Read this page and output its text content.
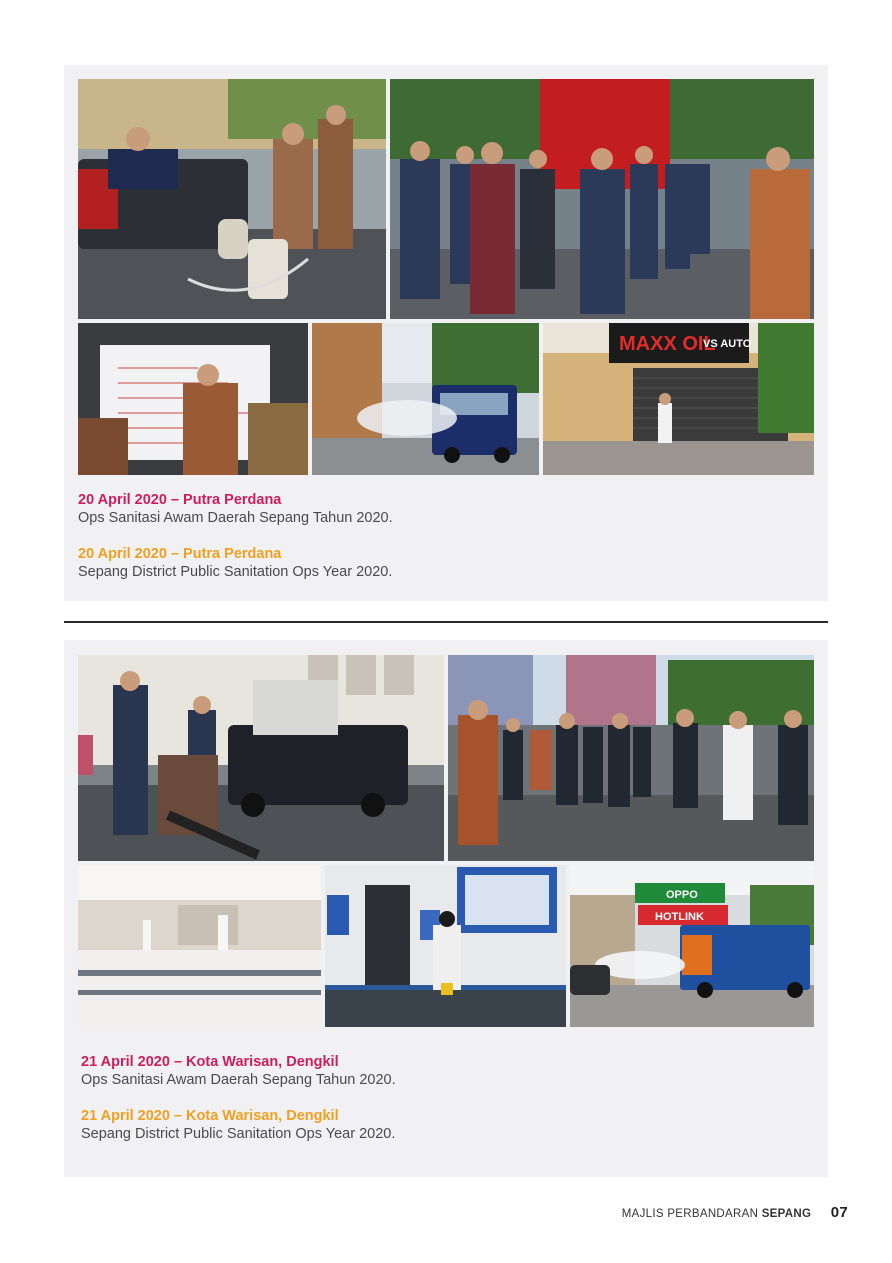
MAXX OIL
VS AUTO
20 April 2020 – Putra Perdana
Ops Sanitasi Awam Daerah Sepang Tahun 2020.
20 April 2020 – Putra Perdana
Sepang District Public Sanitation Ops Year 2020.
OPPO
HOTLINK
21 April 2020 – Kota Warisan, Dengkil
Ops Sanitasi Awam Daerah Sepang Tahun 2020.
21 April 2020 – Kota Warisan, Dengkil
Sepang District Public Sanitation Ops Year 2020.
MAJLIS PERBANDARAN SEPANG 07
